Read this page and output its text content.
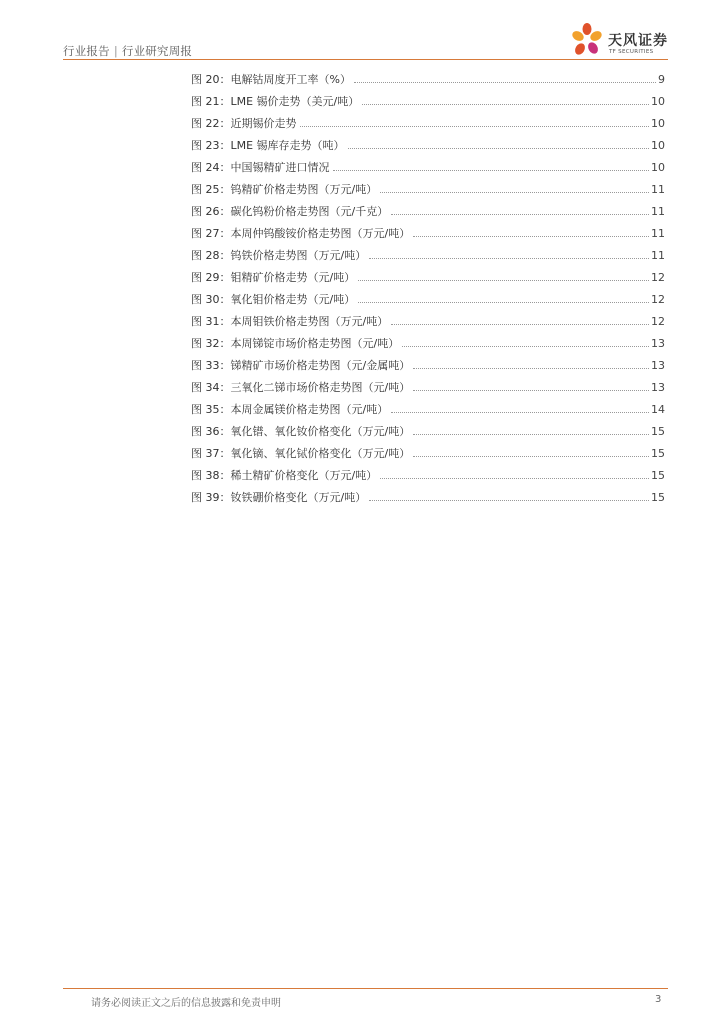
行业报告 | 行业研究周报
天风证券
TF SECURITIES
图 20：电解钴周度开工率（%）	9
图 21：LME 锡价走势（美元/吨）	10
图 22：近期锡价走势	10
图 23：LME 锡库存走势（吨）	10
图 24：中国锡精矿进口情况	10
图 25：钨精矿价格走势图（万元/吨）	11
图 26：碳化钨粉价格走势图（元/千克）	11
图 27：本周仲钨酸铵价格走势图（万元/吨）	11
图 28：钨铁价格走势图（万元/吨）	11
图 29：钼精矿价格走势（元/吨）	12
图 30：氧化钼价格走势（元/吨）	12
图 31：本周钼铁价格走势图（万元/吨）	12
图 32：本周锑锭市场价格走势图（元/吨）	13
图 33：锑精矿市场价格走势图（元/金属吨）	13
图 34：三氧化二锑市场价格走势图（元/吨）	13
图 35：本周金属镁价格走势图（元/吨）	14
图 36：氧化镨、氧化钕价格变化（万元/吨）	15
图 37：氧化镝、氧化铽价格变化（万元/吨）	15
图 38：稀土精矿价格变化（万元/吨）	15
图 39：钕铁硼价格变化（万元/吨）	15
请务必阅读正文之后的信息披露和免责申明	3
